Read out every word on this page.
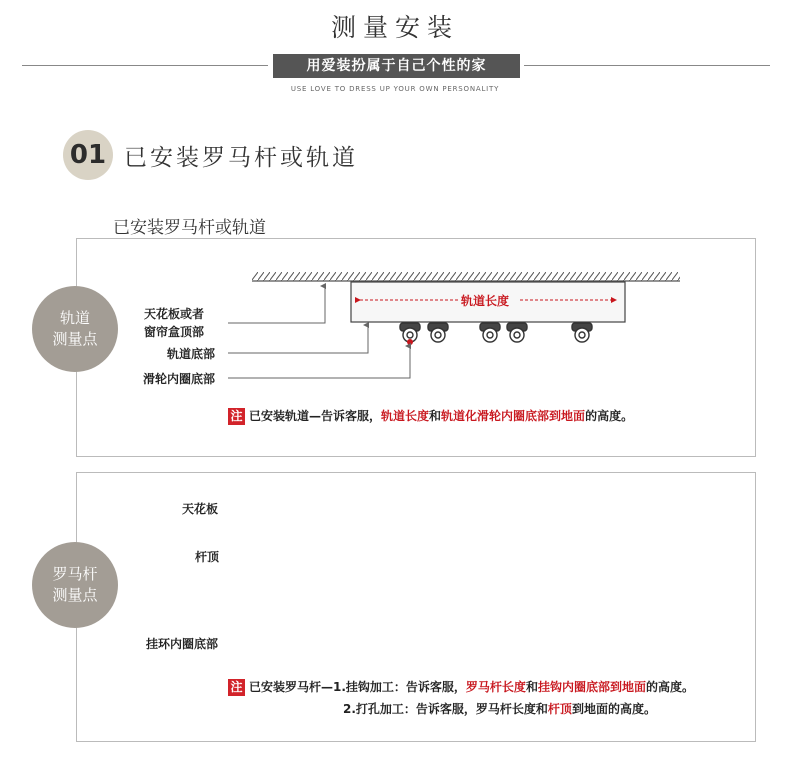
测量安装
用爱装扮属于自己个性的家
USE LOVE TO DRESS UP YOUR OWN PERSONALITY
01 已安装罗马杆或轨道
已安装罗马杆或轨道
轨道
测量点
轨道长度
天花板或者
窗帘盒顶部
轨道底部
滑轮内圈底部
注 已安装轨道—告诉客服，轨道长度和轨道化滑轮内圈底部到地面的高度。
罗马杆
测量点
天花板
杆顶
挂环内圈底部
注 已安装罗马杆—1.挂钩加工：告诉客服，罗马杆长度和挂钩内圈底部到地面的高度。
2.打孔加工：告诉客服，罗马杆长度和杆顶到地面的高度。
